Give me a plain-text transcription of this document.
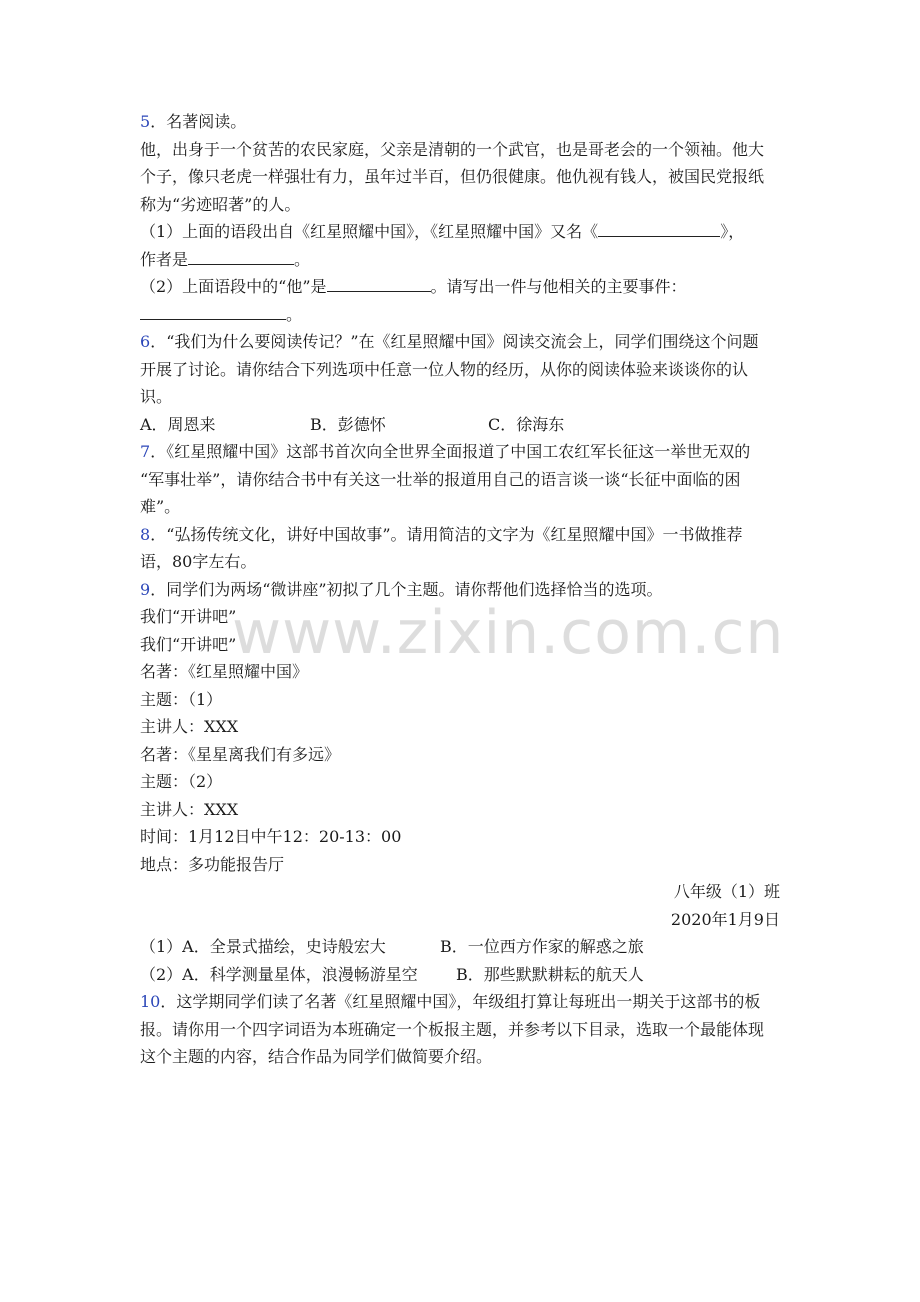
5．名著阅读。
他，出身于一个贫苦的农民家庭，父亲是清朝的一个武官，也是哥老会的一个领袖。他大
个子，像只老虎一样强壮有力，虽年过半百，但仍很健康。他仇视有钱人，被国民党报纸
称为“劣迹昭著”的人。
（1）上面的语段出自《红星照耀中国》，《红星照耀中国》又名《	》，
作者是	。
（2）上面语段中的“他”是	。请写出一件与他相关的主要事件：
。
6．“我们为什么要阅读传记？”在《红星照耀中国》阅读交流会上，同学们围绕这个问题
开展了讨论。请你结合下列选项中任意一位人物的经历，从你的阅读体验来谈谈你的认
识。
A．周恩来	B．彭德怀	C．徐海东
7．《红星照耀中国》这部书首次向全世界全面报道了中国工农红军长征这一举世无双的
“军事壮举”，请你结合书中有关这一壮举的报道用自己的语言谈一谈“长征中面临的困
难”。
8．“弘扬传统文化，讲好中国故事”。请用简洁的文字为《红星照耀中国》一书做推荐
语，80字左右。
9．同学们为两场“微讲座”初拟了几个主题。请你帮他们选择恰当的选项。
我们“开讲吧”
我们“开讲吧”
名著：《红星照耀中国》
主题：（1）
主讲人：XXX
名著：《星星离我们有多远》
主题：（2）
主讲人：XXX
时间：1月12日中午12：20-13：00
地点：多功能报告厅
八年级（1）班
2020年1月9日
（1）A．全景式描绘，史诗般宏大	B．一位西方作家的解惑之旅
（2）A．科学测量星体，浪漫畅游星空 B．那些默默耕耘的航天人
10．这学期同学们读了名著《红星照耀中国》，年级组打算让每班出一期关于这部书的板
报。请你用一个四字词语为本班确定一个板报主题，并参考以下目录，选取一个最能体现
这个主题的内容，结合作品为同学们做简要介绍。
www.zixin.com.cn
